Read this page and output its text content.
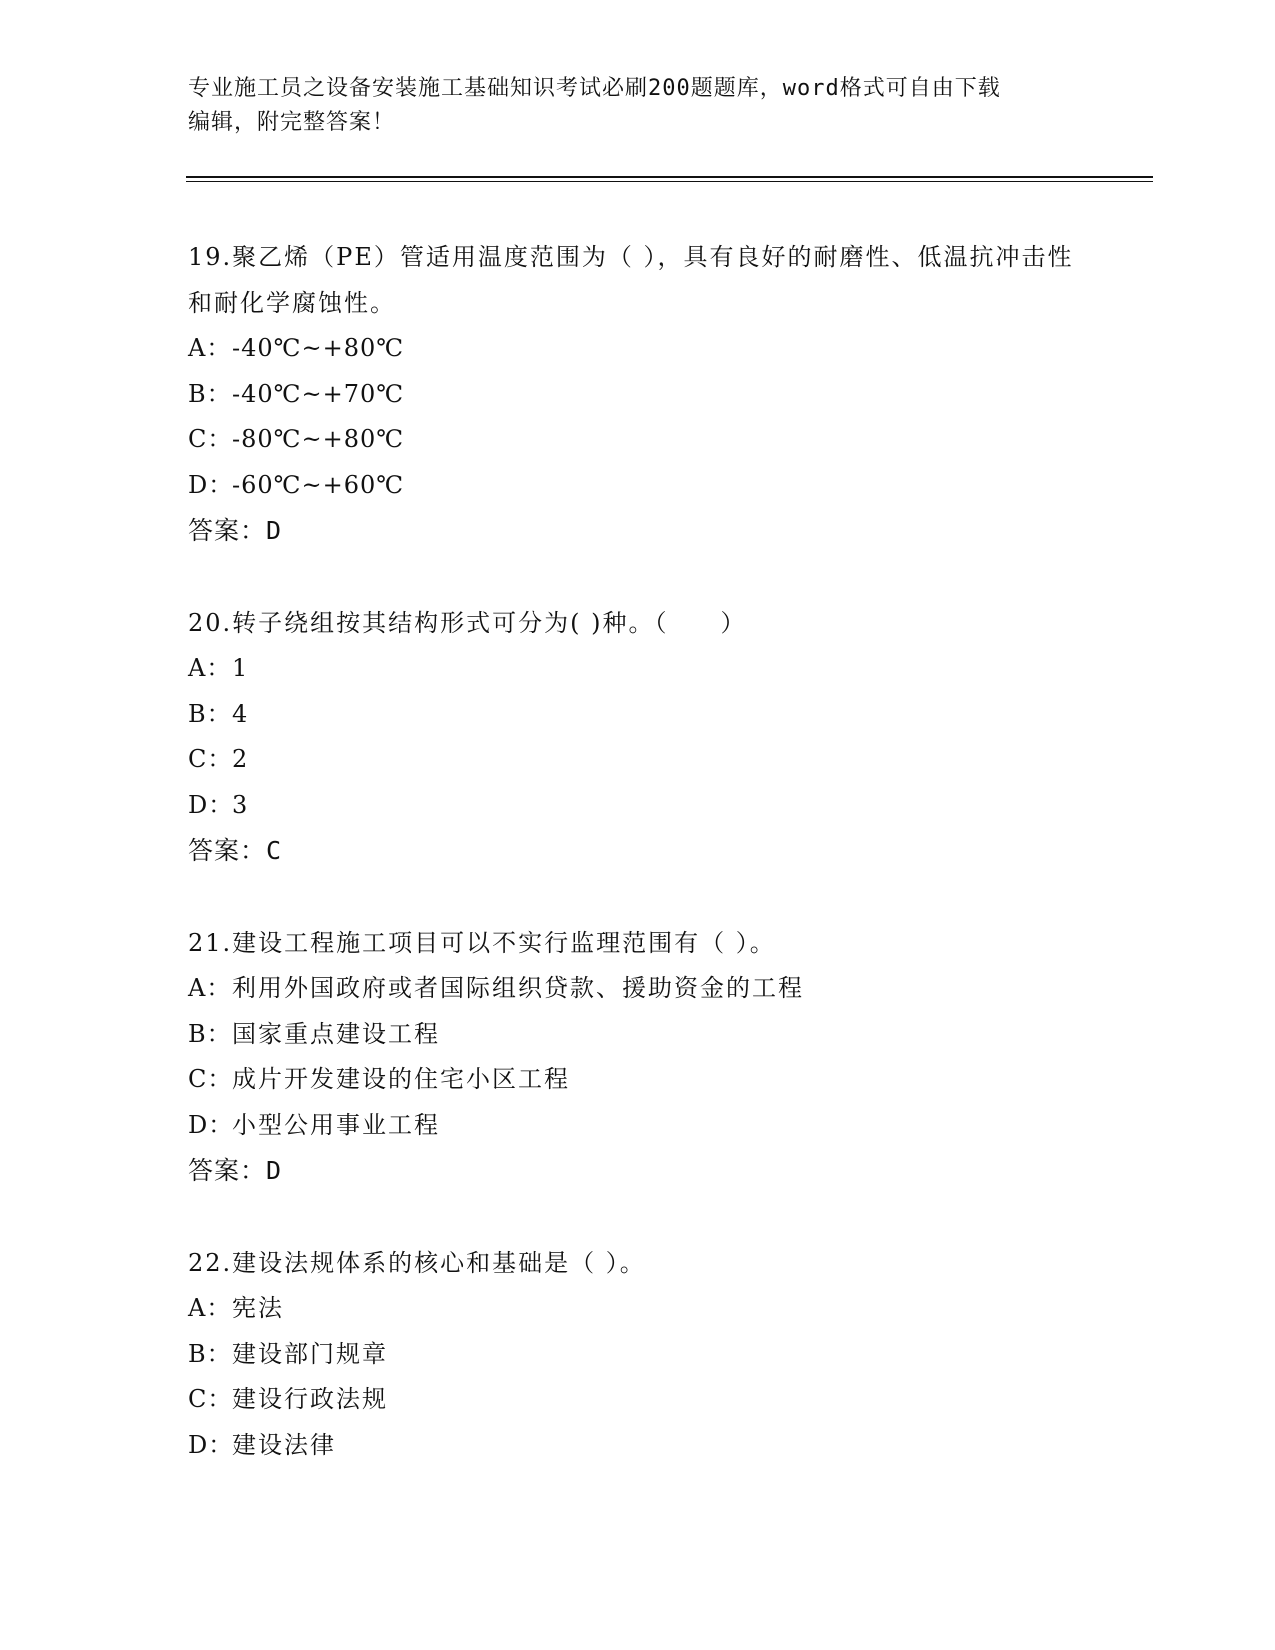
专业施工员之设备安装施工基础知识考试必刷200题题库，word格式可自由下载
编辑，附完整答案！
19.聚乙烯（PE）管适用温度范围为（ ），具有良好的耐磨性、低温抗冲击性和耐化学腐蚀性。
A：-40℃~+80℃
B：-40℃~+70℃
C：-80℃~+80℃
D：-60℃~+60℃
答案：D
20.转子绕组按其结构形式可分为( )种。（　　）
A：1
B：4
C：2
D：3
答案：C
21.建设工程施工项目可以不实行监理范围有（ ）。
A：利用外国政府或者国际组织贷款、援助资金的工程
B：国家重点建设工程
C：成片开发建设的住宅小区工程
D：小型公用事业工程
答案：D
22.建设法规体系的核心和基础是（ ）。
A：宪法
B：建设部门规章
C：建设行政法规
D：建设法律
